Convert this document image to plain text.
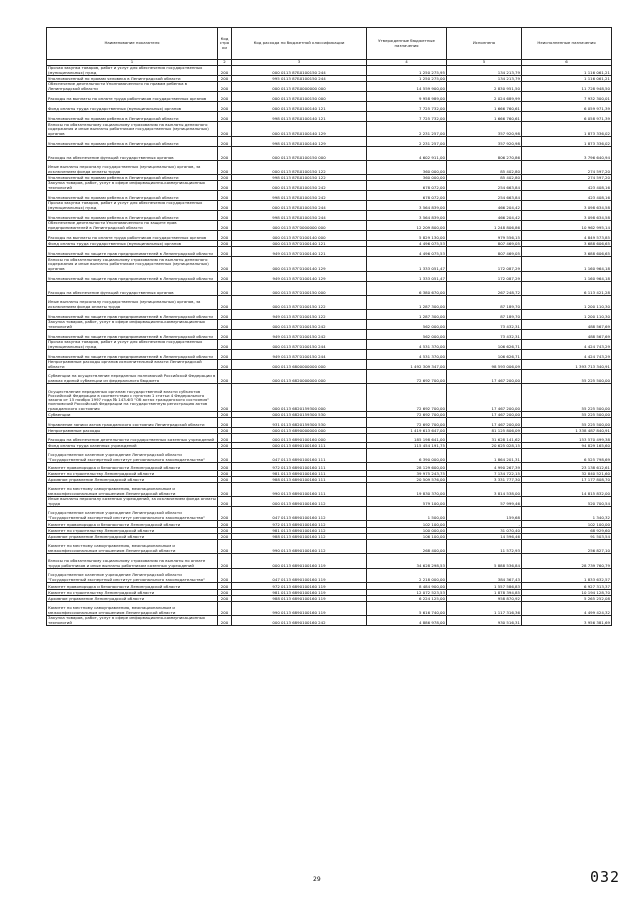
Наименование показателя	Код стро ки	Код расхода по бюджетной классификации	Утвержденные бюджетные назначения	Исполнено	Неисполненные назначения
1	2	3	4	5	6
Прочая закупка товаров, работ и услуг для обеспечения государственных (муниципальных) нужд	200	000 0113 87Б0100150 244	1 250 275,95	134 213,79	1 116 061,21
Уполномоченный по правам человека в Ленинградской области	200	995 0113 87Б0100150 244	1 250 275,00	134 213,79	1 116 061,21
Обеспечение деятельности Уполномоченного по правам ребенка в Ленинградской области	200	000 0113 87Б0000000 000	14 559 900,00	2 830 951,50	11 728 948,50
Расходы на выплаты по оплате труда работников государственных органов	200	000 0113 87Б0100150 000	9 958 989,00	2 024 689,99	7 932 300,01
Фонд оплаты труда государственных (муниципальных) органов	200	000 0113 87Б0100140 121	7 725 732,00	1 666 760,61	6 059 971,39
Уполномоченный по правам ребенка в Ленинградской области	200	998 0113 87Б0100140 121	7 725 732,00	1 666 760,61	6 058 971,39
Взносы по обязательному социальному страхованию на выплаты денежного содержания и иные выплаты работникам государственных (муниципальных) органов	200	000 0113 87Б0100140 129	2 231 257,00	357 920,98	1 873 336,02
Уполномоченный по правам ребенка в Ленинградской области	200	998 0113 87Б0100140 129	2 231 257,00	357 920,98	1 873 336,02
Расходы на обеспечение функций государственных органов	200	000 0113 87Б0100150 000	4 602 911,00	806 270,86	3 796 640,94
Иные выплаты персоналу государственных (муниципальных) органов, за исключением фонда оплаты труда	200	000 0113 87Б0100150 122	360 000,00	85 402,80	274 597,20
Уполномоченный по правам ребенка в Ленинградской области	200	998 0113 87Б0100150 122	360 000,00	85 402,80	274 597,20
Закупка товаров, работ, услуг в сфере информационно-коммуникационных технологий	200	000 0113 87Б0100150 242	678 072,00	254 663,84	423 408,16
Уполномоченный по правам ребенка в Ленинградской области	200	998 0113 87Б0100150 242	678 072,00	254 663,84	423 408,16
Прочая закупка товаров, работ и услуг для обеспечения государственных (муниципальных) нужд	200	000 0113 87Б0100150 244	3 564 839,00	466 204,42	3 098 634,58
Уполномоченный по правам ребенка в Ленинградской области	200	998 0113 87Б0100150 244	3 564 839,00	466 204,42	3 098 634,58
Обеспечение деятельности Уполномоченного по защите прав предпринимателей в Ленинградской области	200	000 0113 87Г0000000 000	12 209 800,00	1 248 806,86	10 962 995,14
Расходы на выплаты по оплате труда работников государственных органов	200	000 0113 87Г0100140 000	5 829 130,00	979 556,15	4 849 573,85
Фонд оплаты труда государственных (муниципальных) органов	200	000 0113 87Г0100140 121	4 496 075,53	807 469,05	3 688 606,65
Уполномоченный по защите прав предпринимателей в Ленинградской области	200	949 0113 87Г0100140 121	4 496 075,53	807 469,05	3 688 606,65
Взносы по обязательному социальному страхованию на выплаты денежного содержания и иные выплаты работникам государственных (муниципальных) органов	200	000 0113 87Г0100140 129	1 333 051,47	172 087,29	1 160 964,18
Уполномоченный по защите прав предпринимателей в Ленинградской области	200	949 0113 87Г0100140 129	1 333 051,47	172 087,29	1 160 964,18
Расходы на обеспечение функций государственных органов	200	000 0113 87Г0100150 000	6 380 670,00	267 248,72	6 113 421,28
Иные выплаты персоналу государственных (муниципальных) органов, за исключением фонда оплаты труда	200	000 0113 87Г0100150 122	1 287 300,00	87 189,70	1 200 110,30
Уполномоченный по защите прав предпринимателей в Ленинградской области	200	949 0113 87Г0100150 122	1 287 300,00	87 189,70	1 200 110,30
Закупка товаров, работ, услуг в сфере информационно-коммуникационных технологий	200	000 0113 87Г0100150 242	562 000,00	73 432,31	488 567,69
Уполномоченный по защите прав предпринимателей в Ленинградской области	200	949 0113 87Г0100150 242	562 000,00	73 432,31	488 567,69
Прочая закупка товаров, работ и услуг для обеспечения государственных (муниципальных) нужд	200	000 0113 87Г0100150 244	4 531 370,00	106 626,71	4 424 743,29
Уполномоченный по защите прав предпринимателей в Ленинградской области	200	949 0113 87Г0100150 244	4 531 370,00	106 626,71	4 424 743,29
Непрограммные расходы органов исполнительной власти Ленинградской области	200	000 0113 6800000000 000	1 492 309 347,00	98 593 006,09	1 393 713 340,91
Субвенции на осуществление переданных полномочий Российской Федерации в рамках единой субвенции из федерального бюджета	200	000 0113 6820000000 000	72 692 700,00	17 467 200,00	55 225 500,00
Осуществление переданных органам государственной власти субъектов Российской Федерации в соответствии с пунктом 1 статьи 4 Федерального закона от 15 ноября 1997 года № 143-ФЗ "Об актах гражданского состояния" полномочий Российской Федерации на государственную регистрацию актов гражданского состояния	200	000 0113 6820159300 000	72 692 700,00	17 467 200,00	55 225 500,00
Субвенции	200	000 0113 6820159300 530	72 692 700,00	17 467 200,00	55 225 500,00
Управление записи актов гражданского состояния Ленинградской области	200	931 0113 6820159300 530	72 692 700,00	17 467 200,00	55 225 500,00
Непрограммные расходы	200	000 0113 6890000000 000	1 419 613 647,00	81 125 806,09	1 338 487 840,91
Расходы на обеспечение деятельности государственных казенных учреждений	200	000 0113 6890100160 000	185 198 641,00	31 628 141,62	153 570 499,38
Фонд оплаты труда казенных учреждений	200	000 0113 6890100160 111	115 454 191,75	20 625 028,15	94 829 165,60
Государственное казенное учреждение Ленинградской области "Государственный экспертный институт регионального законодательства"	200	047 0113 6890100160 111	6 390 000,00	1 864 201,31	6 525 798,69
Комитет правопорядка и безопасности Ленинградской области	200	972 0113 6890100160 111	28 129 600,00	4 990 267,39	23 138 612,61
Комитет по строительству Ленинградской области	200	981 0113 6890100160 111	39 975 243,75	7 134 722,15	32 840 521,60
Архивное управление Ленинградской области	200	988 0113 6890100160 111	20 509 576,00	3 331 777,30	17 177 808,70
Комитет по местному самоуправлению, межнациональным и межконфессиональным отношениям Ленинградской области	200	990 0113 6890100160 111	19 830 370,00	3 814 538,00	14 815 832,00
Иные выплаты персоналу казенных учреждений, за исключением фонда оплаты труда	200	000 0113 6890100160 112	579 100,00	57 999,46	520 700,54
Государственное казенное учреждение Ленинградской области "Государственный экспертный институт регионального законодательства"	200	047 0113 6890100160 112	1 500,00	159,68	1 340,32
Комитет правопорядка и безопасности Ленинградской области	200	972 0113 6890100160 112	102 100,00	-	102 100,00
Комитет по строительству Ленинградской области	200	981 0113 6890100160 112	100 000,00	31 070,40	68 929,60
Архивное управление Ленинградской области	200	988 0113 6890100160 112	106 100,00	14 596,46	91 503,54
Комитет по местному самоуправлению, межнациональным и межконфессиональным отношениям Ленинградской области	200	990 0113 6890100160 112	268 400,00	11 572,93	256 827,10
Взносы по обязательному социальному страхованию на выплаты по оплате труда работников и иные выплаты работникам казенных учреждений	200	000 0113 6890100160 119	34 628 298,53	5 888 536,84	28 739 760,79
Государственное казенное учреждение Ленинградской области "Государственный экспертный институт регионального законодательства"	200	047 0113 6890100160 119	2 218 000,00	384 367,43	1 833 632,57
Комитет правопорядка и безопасности Ленинградской области	200	972 0113 6890100160 119	8 484 900,00	1 557 586,83	6 927 313,37
Комитет по строительству Ленинградской области	200	981 0113 6890100160 119	12 072 523,53	1 878 394,85	10 194 128,70
Архивное управление Ленинградской области	200	988 0113 6890100160 119	6 224 125,00	958 870,92	5 265 252,08
Комитет по местному самоуправлению, межнациональным и межконфессиональным отношениям Ленинградской области	200	990 0113 6890100160 119	5 616 740,00	1 117 316,36	4 499 424,32
Закупка товаров, работ, услуг в сфере информационно-коммуникационных технологий	200	000 0113 6890100160 242	4 886 978,00	930 516,31	3 956 381,69
29	032
